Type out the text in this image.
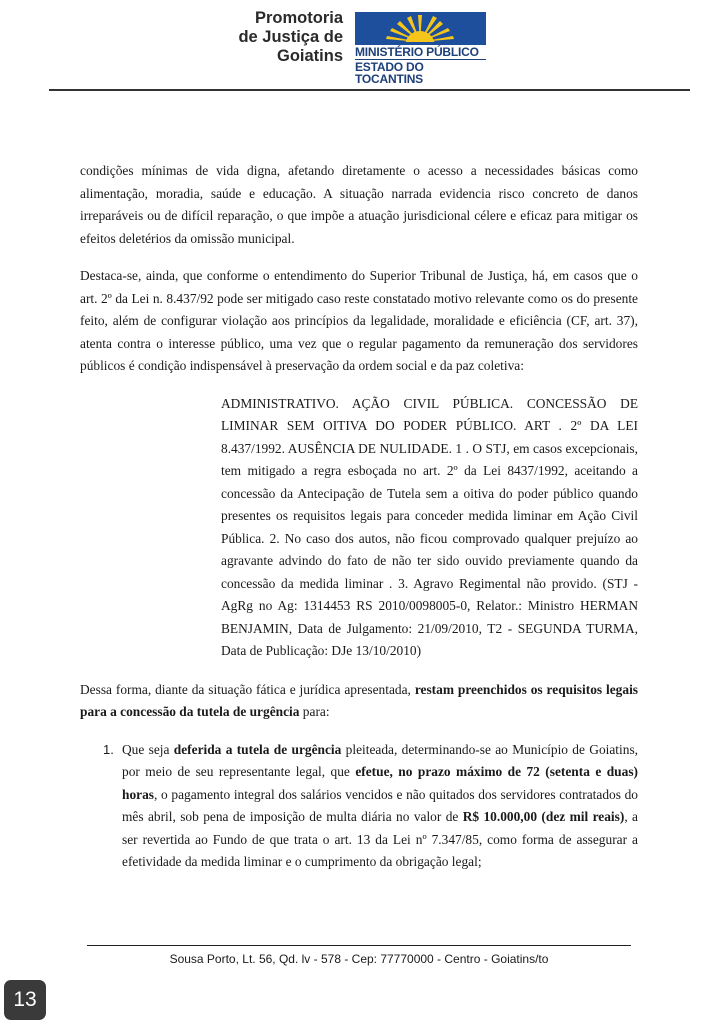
Promotoria
de Justiça de
Goiatins MINISTÉRIO PÚBLICO
ESTADO DO TOCANTINS

condições mínimas de vida digna, afetando diretamente o acesso a necessidades básicas como alimentação, moradia, saúde e educação. A situação narrada evidencia risco concreto de danos irreparáveis ou de difícil reparação, o que impõe a atuação jurisdicional célere e eficaz para mitigar os efeitos deletérios da omissão municipal.

Destaca-se, ainda, que conforme o entendimento do Superior Tribunal de Justiça, há, em casos que o art. 2º da Lei n. 8.437/92 pode ser mitigado caso reste constatado motivo relevante como os do presente feito, além de configurar violação aos princípios da legalidade, moralidade e eficiência (CF, art. 37), atenta contra o interesse público, uma vez que o regular pagamento da remuneração dos servidores públicos é condição indispensável à preservação da ordem social e da paz coletiva:

ADMINISTRATIVO. AÇÃO CIVIL PÚBLICA. CONCESSÃO DE LIMINAR SEM OITIVA DO PODER PÚBLICO. ART . 2º DA LEI 8.437/1992. AUSÊNCIA DE NULIDADE. 1 . O STJ, em casos excepcionais, tem mitigado a regra esboçada no art. 2º da Lei 8437/1992, aceitando a concessão da Antecipação de Tutela sem a oitiva do poder público quando presentes os requisitos legais para conceder medida liminar em Ação Civil Pública. 2. No caso dos autos, não ficou comprovado qualquer prejuízo ao agravante advindo do fato de não ter sido ouvido previamente quando da concessão da medida liminar . 3. Agravo Regimental não provido. (STJ - AgRg no Ag: 1314453 RS 2010/0098005-0, Relator.: Ministro HERMAN BENJAMIN, Data de Julgamento: 21/09/2010, T2 - SEGUNDA TURMA, Data de Publicação: DJe 13/10/2010)

Dessa forma, diante da situação fática e jurídica apresentada, restam preenchidos os requisitos legais para a concessão da tutela de urgência para:

1. Que seja deferida a tutela de urgência pleiteada, determinando-se ao Município de Goiatins, por meio de seu representante legal, que efetue, no prazo máximo de 72 (setenta e duas) horas, o pagamento integral dos salários vencidos e não quitados dos servidores contratados do mês abril, sob pena de imposição de multa diária no valor de R$ 10.000,00 (dez mil reais), a ser revertida ao Fundo de que trata o art. 13 da Lei nº 7.347/85, como forma de assegurar a efetividade da medida liminar e o cumprimento da obrigação legal;
Sousa Porto, Lt. 56, Qd. lv - 578 - Cep: 77770000 - Centro - Goiatins/to
13
